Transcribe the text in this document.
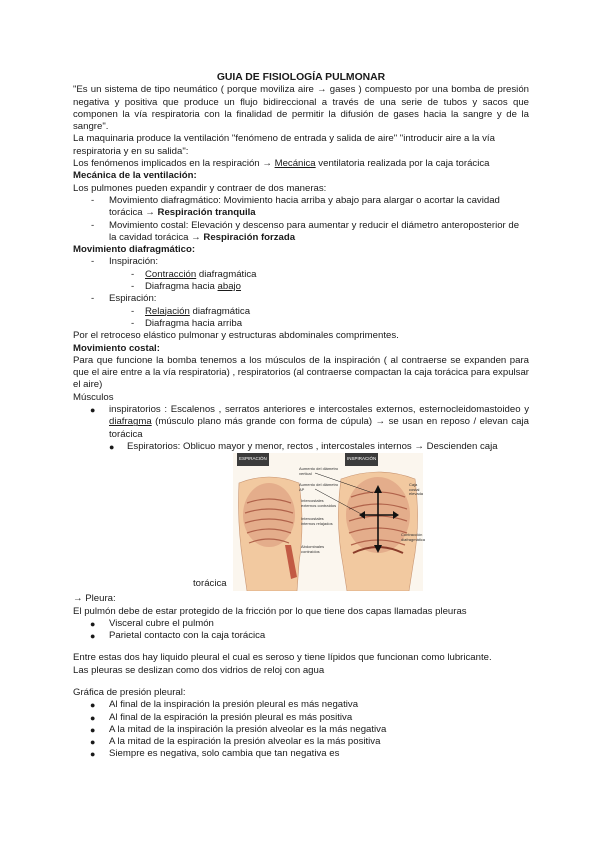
GUIA DE FISIOLOGÍA PULMONAR

"Es un sistema de tipo neumático ( porque moviliza aire → gases ) compuesto por una bomba de presión negativa y positiva que produce un flujo bidireccional a través de una serie de tubos y sacos que componen la vía respiratoria con la finalidad de permitir la difusión de gases hacia la sangre y de la sangre".

La maquinaria produce la ventilación "fenómeno de entrada y salida de aire" "introducir aire a la vía respiratoria y en su salida":

Los fenómenos implicados en la respiración → Mecánica ventilatoria realizada por la caja torácica

Mecánica de la ventilación:

Los pulmones pueden expandir y contraer de dos maneras:

- Movimiento diafragmático: Movimiento hacia arriba y abajo para alargar o acortar la cavidad torácica → Respiración tranquila
- Movimiento costal: Elevación y descenso para aumentar y reducir el diámetro anteroposterior de la cavidad torácica → Respiración forzada

Movimiento diafragmático:

- Inspiración:
- Contracción diafragmática
- Diafragma hacia abajo
- Espiración:
- Relajación diafragmática
- Diafragma hacia arriba

Por el retroceso elástico pulmonar y estructuras abdominales comprimentes.

Movimiento costal:

Para que funcione la bomba tenemos a los músculos de la inspiración ( al contraerse se expanden para que el aire entre a la vía respiratoria) , respiratorios (al contraerse compactan la caja torácica para expulsar el aire)

Músculos

● inspiratorios : Escalenos , serratos anteriores e intercostales externos, esternocleidomastoideo y diafragma (músculo plano más grande con forma de cúpula) → se usan en reposo / elevan caja torácica
● Espiratorios: Oblicuo mayor y menor, rectos , intercostales internos → Descienden caja
ESPIRACIÓN	INSPIRACIÓN
Aumento del diámetro vertical
Aumento del diámetro AP
Intercostales externos contraídos
Intercostales internos relajados
Abdominales contraídos
Caja costal elevada
Contracción diafragmática
torácica

→ Pleura:

El pulmón debe de estar protegido de la fricción por lo que tiene dos capas llamadas pleuras

● Visceral cubre el pulmón
● Parietal contacto con la caja torácica

Entre estas dos hay liquido pleural el cual es seroso y tiene lípidos que funcionan como lubricante.

Las pleuras se deslizan como dos vidrios de reloj con agua

Gráfica de presión pleural:

● Al final de la inspiración la presión pleural es más negativa
● Al final de la espiración la presión pleural es más positiva
● A la mitad de la inspiración la presión alveolar es la más negativa
● A la mitad de la espiración la presión alveolar es la más positiva
● Siempre es negativa, solo cambia que tan negativa es
